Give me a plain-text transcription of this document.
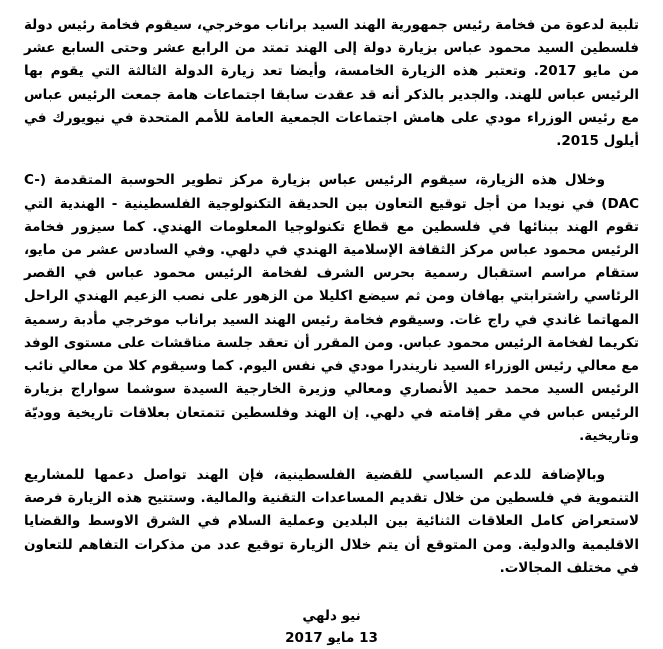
تلبية لدعوة من فخامة رئيس جمهورية الهند السيد براناب موخرجي، سيقوم فخامة رئيس دولة فلسطين السيد محمود عباس بزيارة دولة إلى الهند تمتد من الرابع عشر وحتى السابع عشر من مايو 2017. وتعتبر هذه الزيارة الخامسة، وأيضا تعد زيارة الدولة الثالثة التي يقوم بها الرئيس عباس للهند. والجدير بالذكر أنه قد عقدت سابقا اجتماعات هامة جمعت الرئيس عباس مع رئيس الوزراء مودي على هامش اجتماعات الجمعية العامة للأمم المتحدة في نيويورك في أيلول 2015.

وخلال هذه الزيارة، سيقوم الرئيس عباس بزيارة مركز تطوير الحوسبة المتقدمة (C-DAC) في نويدا من أجل توقيع التعاون بين الحديقة التكنولوجية الفلسطينية - الهندية التي تقوم الهند ببنائها في فلسطين مع قطاع تكنولوجيا المعلومات الهندي. كما سيزور فخامة الرئيس محمود عباس مركز الثقافة الإسلامية الهندي في دلهي. وفي السادس عشر من مايو، ستقام مراسم استقبال رسمية بحرس الشرف لفخامة الرئيس محمود عباس في القصر الرئاسي راشترابتي بهافان ومن ثم سيضع اكليلا من الزهور على نصب الزعيم الهندي الراحل المهاتما غاندي في راج غات. وسيقوم فخامة رئيس الهند السيد براناب موخرجي مأدبة رسمية تكريما لفخامة الرئيس محمود عباس. ومن المقرر أن تعقد جلسة مناقشات على مستوى الوفد مع معالي رئيس الوزراء السيد ناريندرا مودي في نفس اليوم. كما وسيقوم كلا من معالي نائب الرئيس السيد محمد حميد الأنصاري ومعالي وزيرة الخارجية السيدة سوشما سواراج بزيارة الرئيس عباس في مقر إقامته في دلهي. إن الهند وفلسطين تتمتعان بعلاقات تاريخية ووديّة وتاريخية.

وبالإضافة للدعم السياسي للقضية الفلسطينية، فإن الهند تواصل دعمها للمشاريع التنموية في فلسطين من خلال تقديم المساعدات التقنية والمالية. وستتيح هذه الزيارة فرصة لاستعراض كامل العلاقات الثنائية بين البلدين وعملية السلام في الشرق الاوسط والقضايا الاقليمية والدولية. ومن المتوقع أن يتم خلال الزيارة توقيع عدد من مذكرات التفاهم للتعاون في مختلف المجالات.

نيو دلهي
13 مايو 2017
